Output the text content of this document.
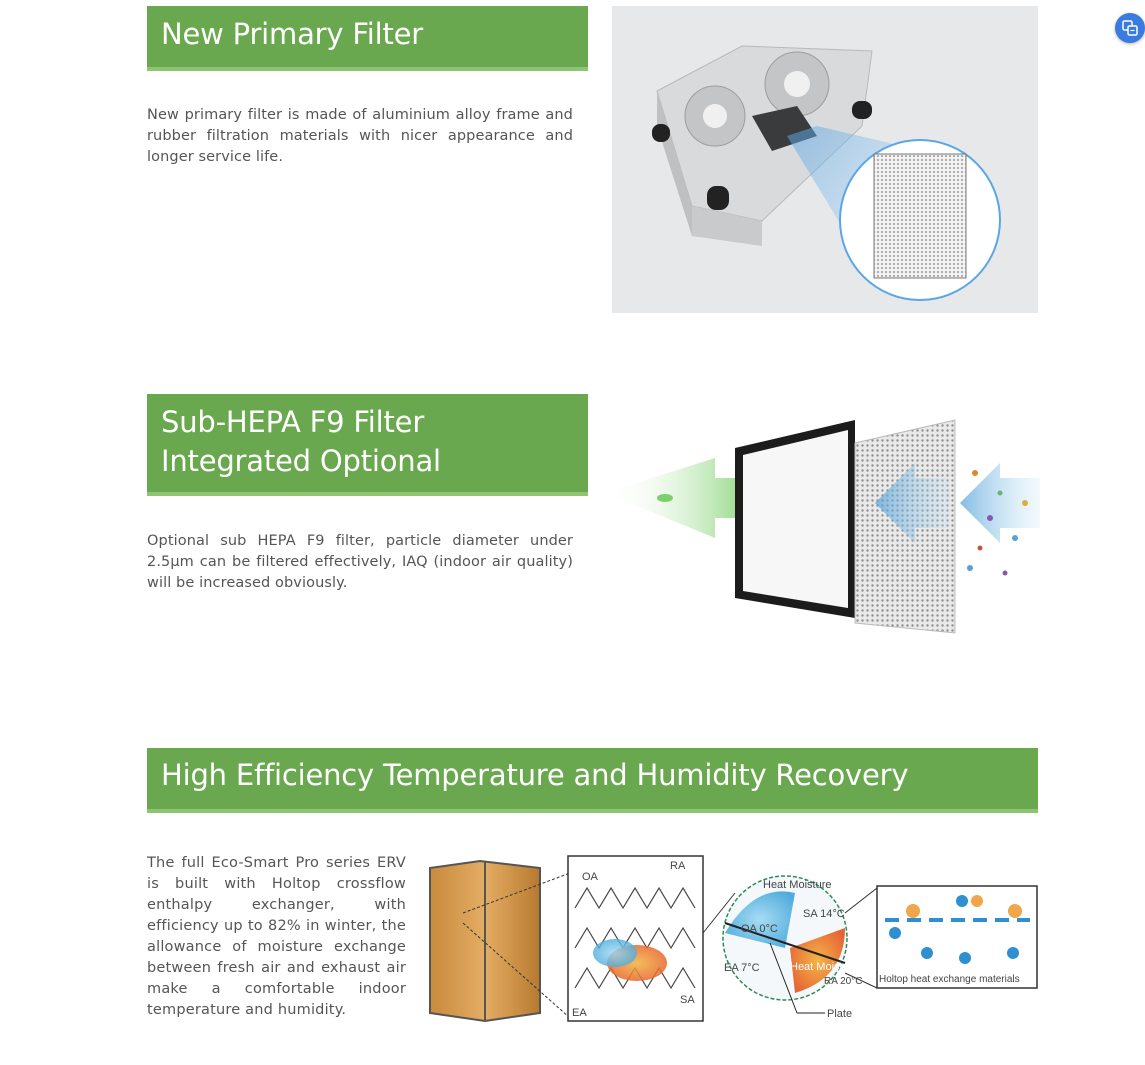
New Primary Filter
New primary filter is made of aluminium alloy frame and rubber filtration materials with nicer appearance and longer service life.
Sub-HEPA F9 Filter
Integrated Optional
Optional sub HEPA F9 filter, particle diameter under 2.5μm can be filtered effectively, IAQ (indoor air quality) will be increased obviously.
High Efficiency Temperature and Humidity Recovery
The full Eco-Smart Pro series ERV is built with Holtop crossflow enthalpy exchanger, with efficiency up to 82% in winter, the allowance of moisture exchange between fresh air and exhaust air make a comfortable indoor temperature and humidity.
OA
RA
EA
SA
Heat Moisture
SA 14°C
OA 0°C
EA 7°C	Heat Moisture
RA 20°C
Plate
Holtop heat exchange materials
